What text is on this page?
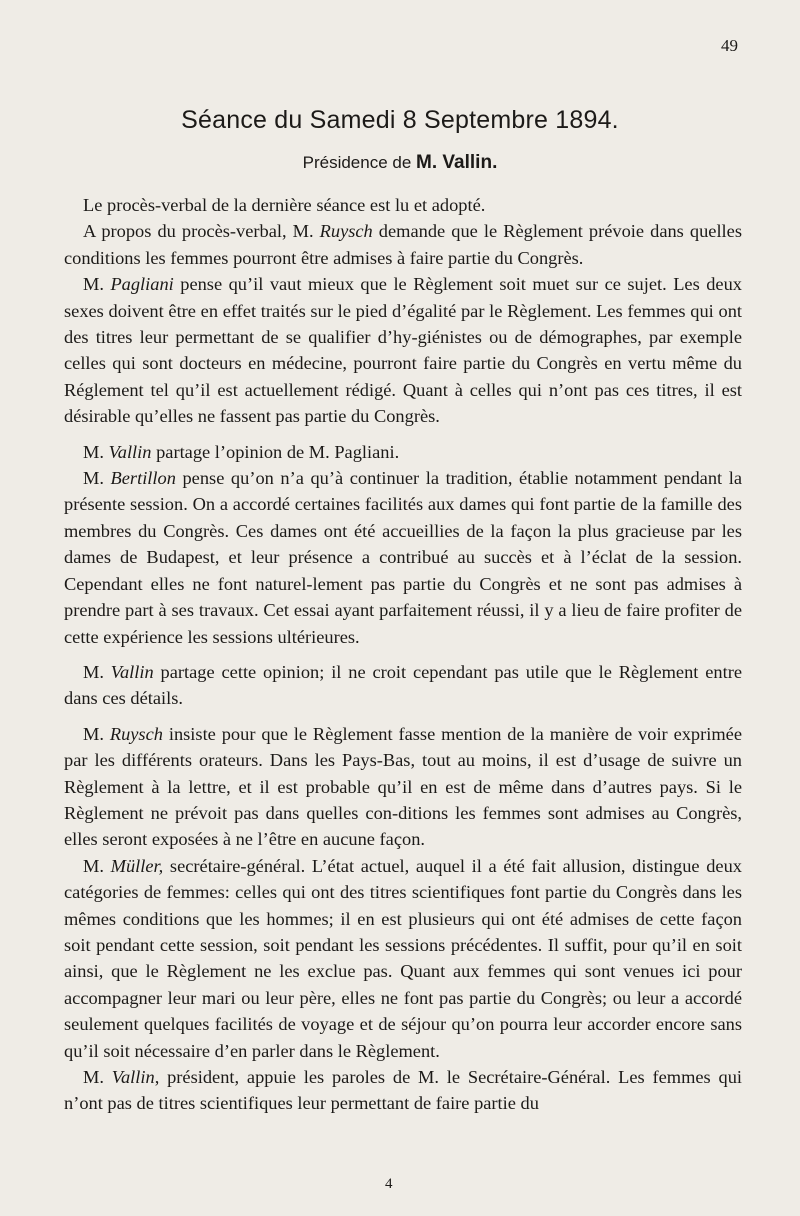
49
Séance du Samedi 8 Septembre 1894.
Présidence de M. Vallin.

Le procès-verbal de la dernière séance est lu et adopté.

A propos du procès-verbal, M. Ruysch demande que le Règlement prévoie dans quelles conditions les femmes pourront être admises à faire partie du Congrès.

M. Pagliani pense qu’il vaut mieux que le Règlement soit muet sur ce sujet. Les deux sexes doivent être en effet traités sur le pied d’égalité par le Règlement. Les femmes qui ont des titres leur permettant de se qualifier d’hy-giénistes ou de démographes, par exemple celles qui sont docteurs en médecine, pourront faire partie du Congrès en vertu même du Réglement tel qu’il est actuellement rédigé. Quant à celles qui n’ont pas ces titres, il est désirable qu’elles ne fassent pas partie du Congrès.

M. Vallin partage l’opinion de M. Pagliani.

M. Bertillon pense qu’on n’a qu’à continuer la tradition, établie notamment pendant la présente session. On a accordé certaines facilités aux dames qui font partie de la famille des membres du Congrès. Ces dames ont été accueillies de la façon la plus gracieuse par les dames de Budapest, et leur présence a contribué au succès et à l’éclat de la session. Cependant elles ne font naturel-lement pas partie du Congrès et ne sont pas admises à prendre part à ses travaux. Cet essai ayant parfaitement réussi, il y a lieu de faire profiter de cette expérience les sessions ultérieures.

M. Vallin partage cette opinion; il ne croit cependant pas utile que le Règlement entre dans ces détails.

M. Ruysch insiste pour que le Règlement fasse mention de la manière de voir exprimée par les différents orateurs. Dans les Pays-Bas, tout au moins, il est d’usage de suivre un Règlement à la lettre, et il est probable qu’il en est de même dans d’autres pays. Si le Règlement ne prévoit pas dans quelles con-ditions les femmes sont admises au Congrès, elles seront exposées à ne l’être en aucune façon.

M. Müller, secrétaire-général. L’état actuel, auquel il a été fait allusion, distingue deux catégories de femmes: celles qui ont des titres scientifiques font partie du Congrès dans les mêmes conditions que les hommes; il en est plusieurs qui ont été admises de cette façon soit pendant cette session, soit pendant les sessions précédentes. Il suffit, pour qu’il en soit ainsi, que le Règlement ne les exclue pas. Quant aux femmes qui sont venues ici pour accompagner leur mari ou leur père, elles ne font pas partie du Congrès; ou leur a accordé seulement quelques facilités de voyage et de séjour qu’on pourra leur accorder encore sans qu’il soit nécessaire d’en parler dans le Règlement.

M. Vallin, président, appuie les paroles de M. le Secrétaire-Général. Les femmes qui n’ont pas de titres scientifiques leur permettant de faire partie du

4
